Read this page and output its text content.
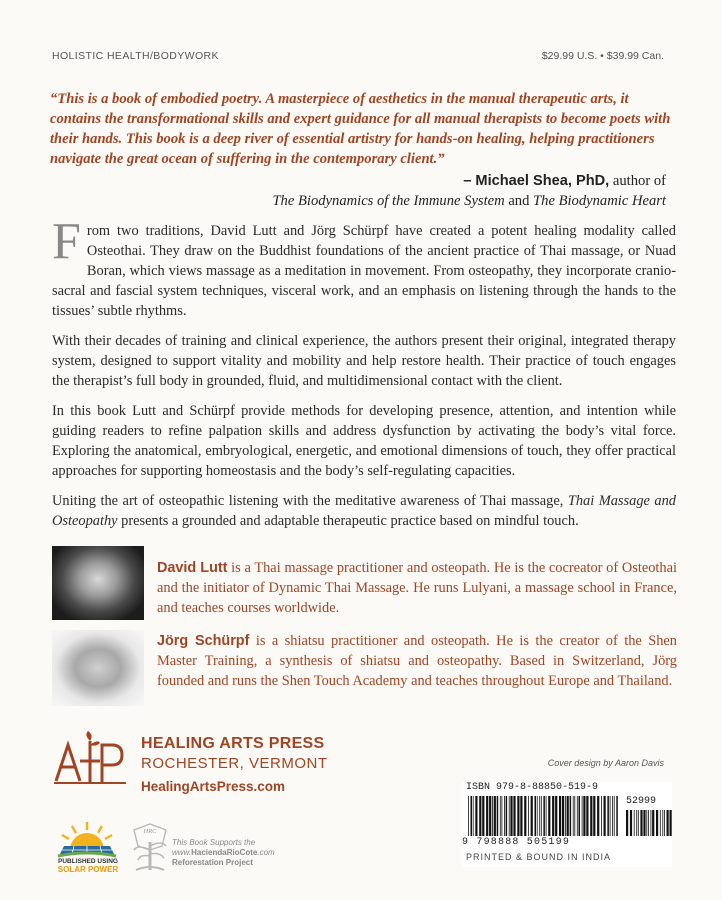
HOLISTIC HEALTH/BODYWORK	$29.99 U.S. • $39.99 Can.
“This is a book of embodied poetry. A masterpiece of aesthetics in the manual therapeutic arts, it contains the transformational skills and expert guidance for all manual therapists to become poets with their hands. This book is a deep river of essential artistry for hands-on healing, helping practitioners navigate the great ocean of suffering in the contemporary client.”
– Michael Shea, PhD, author of
The Biodynamics of the Immune System and The Biodynamic Heart

From two traditions, David Lutt and Jörg Schürpf have created a potent healing modality called Osteothai. They draw on the Buddhist foundations of the ancient practice of Thai massage, or Nuad Boran, which views massage as a meditation in movement. From osteopathy, they incorporate cranio-sacral and fascial system techniques, visceral work, and an emphasis on listening through the hands to the tissues’ subtle rhythms.

With their decades of training and clinical experience, the authors present their original, integrated therapy system, designed to support vitality and mobility and help restore health. Their practice of touch engages the therapist’s full body in grounded, fluid, and multidimensional contact with the client.

In this book Lutt and Schürpf provide methods for developing presence, attention, and intention while guiding readers to refine palpation skills and address dysfunction by activating the body’s vital force. Exploring the anatomical, embryological, energetic, and emotional dimensions of touch, they offer practical approaches for supporting homeostasis and the body’s self-regulating capacities.

Uniting the art of osteopathic listening with the meditative awareness of Thai massage, Thai Massage and Osteopathy presents a grounded and adaptable therapeutic practice based on mindful touch.

David Lutt is a Thai massage practitioner and osteopath. He is the cocreator of Osteothai and the initiator of Dynamic Thai Massage. He runs Lulyani, a massage school in France, and teaches courses worldwide.
Jörg Schürpf is a shiatsu practitioner and osteopath. He is the creator of the Shen Master Training, a synthesis of shiatsu and osteopathy. Based in Switzerland, Jörg founded and runs the Shen Touch Academy and teaches throughout Europe and Thailand.
AHP
HEALING ARTS PRESS
ROCHESTER, VERMONT
HealingArtsPress.com
Cover design by Aaron Davis
ISBN 979-8-88850-519-9
52999
9 798888 505199
PRINTED & BOUND IN INDIA
PUBLISHED USING
SOLAR POWER
HRC
This Book Supports the
www.HaciendaRioCote.com
Reforestation Project
